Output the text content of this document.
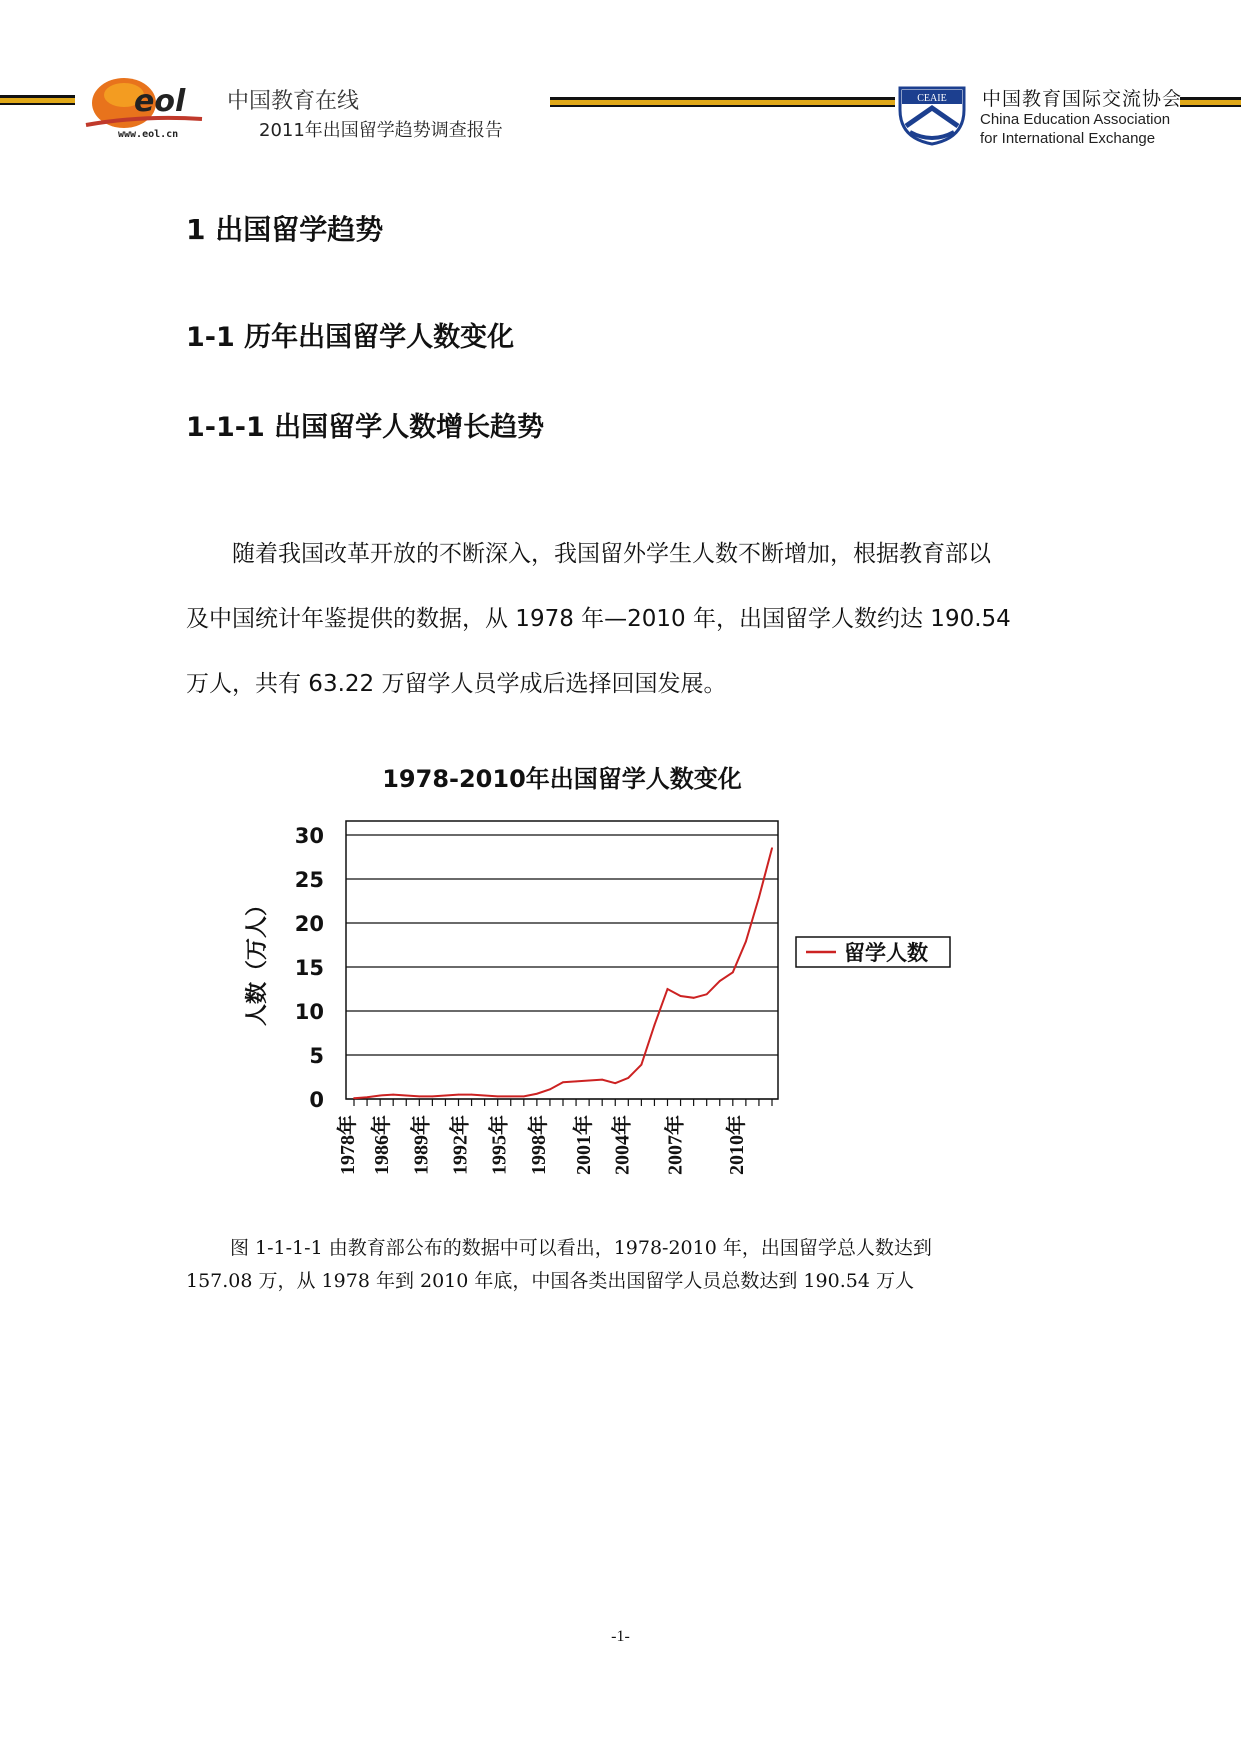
eol
www.eol.cn
中国教育在线
2011年出国留学趋势调查报告
CEAIE 中国教育国际交流协会
China Education Association
for International Exchange
1 出国留学趋势
1-1 历年出国留学人数变化
1-1-1 出国留学人数增长趋势
随着我国改革开放的不断深入，我国留外学生人数不断增加，根据教育部以
及中国统计年鉴提供的数据，从 1978 年—2010 年，出国留学人数约达 190.54
万人，共有 63.22 万留学人员学成后选择回国发展。
1978-2010年出国留学人数变化
0
5
10
15
20
25
30
1978年 1986年 1989年 1992年 1995年 1998年 2001年 2004年 2007年 2010年
人数（万人）	留学人数
图 1-1-1-1 由教育部公布的数据中可以看出，1978-2010 年，出国留学总人数达到
157.08 万，从 1978 年到 2010 年底，中国各类出国留学人员总数达到 190.54 万人
-1-
